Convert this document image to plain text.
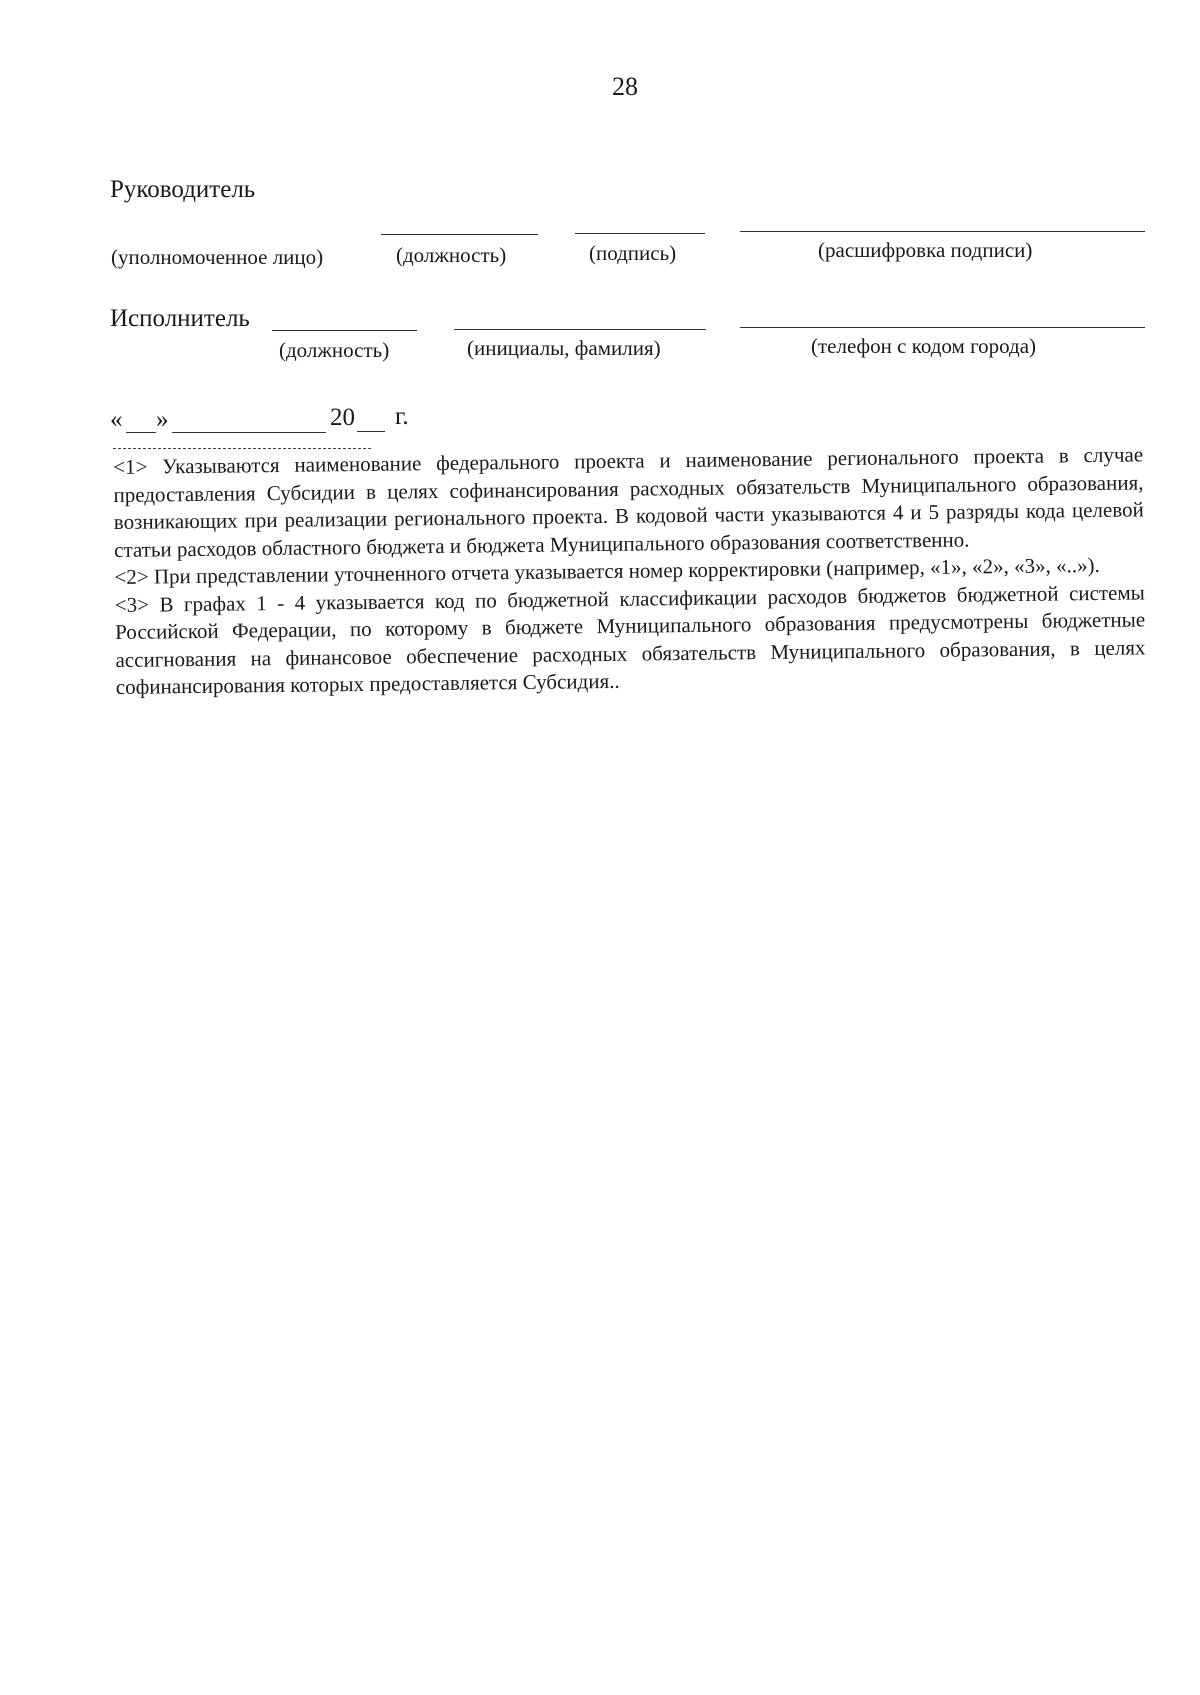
28
Руководитель
(уполномоченное лицо)	(должность)	(подпись)	(расшифровка подписи)
Исполнитель
(должность)	(инициалы, фамилия)	(телефон с кодом города)
« »	20 г.

<1> Указываются наименование федерального проекта и наименование регионального проекта в случае предоставления Субсидии в целях софинансирования расходных обязательств Муниципального образования, возникающих при реализации регионального проекта. В кодовой части указываются 4 и 5 разряды кода целевой статьи расходов областного бюджета и бюджета Муниципального образования соответственно.

<2> При представлении уточненного отчета указывается номер корректировки (например, «1», «2», «3», «..»).

<3> В графах 1 - 4 указывается код по бюджетной классификации расходов бюджетов бюджетной системы Российской Федерации, по которому в бюджете Муниципального образования предусмотрены бюджетные ассигнования на финансовое обеспечение расходных обязательств Муниципального образования, в целях софинансирования которых предоставляется Субсидия..
